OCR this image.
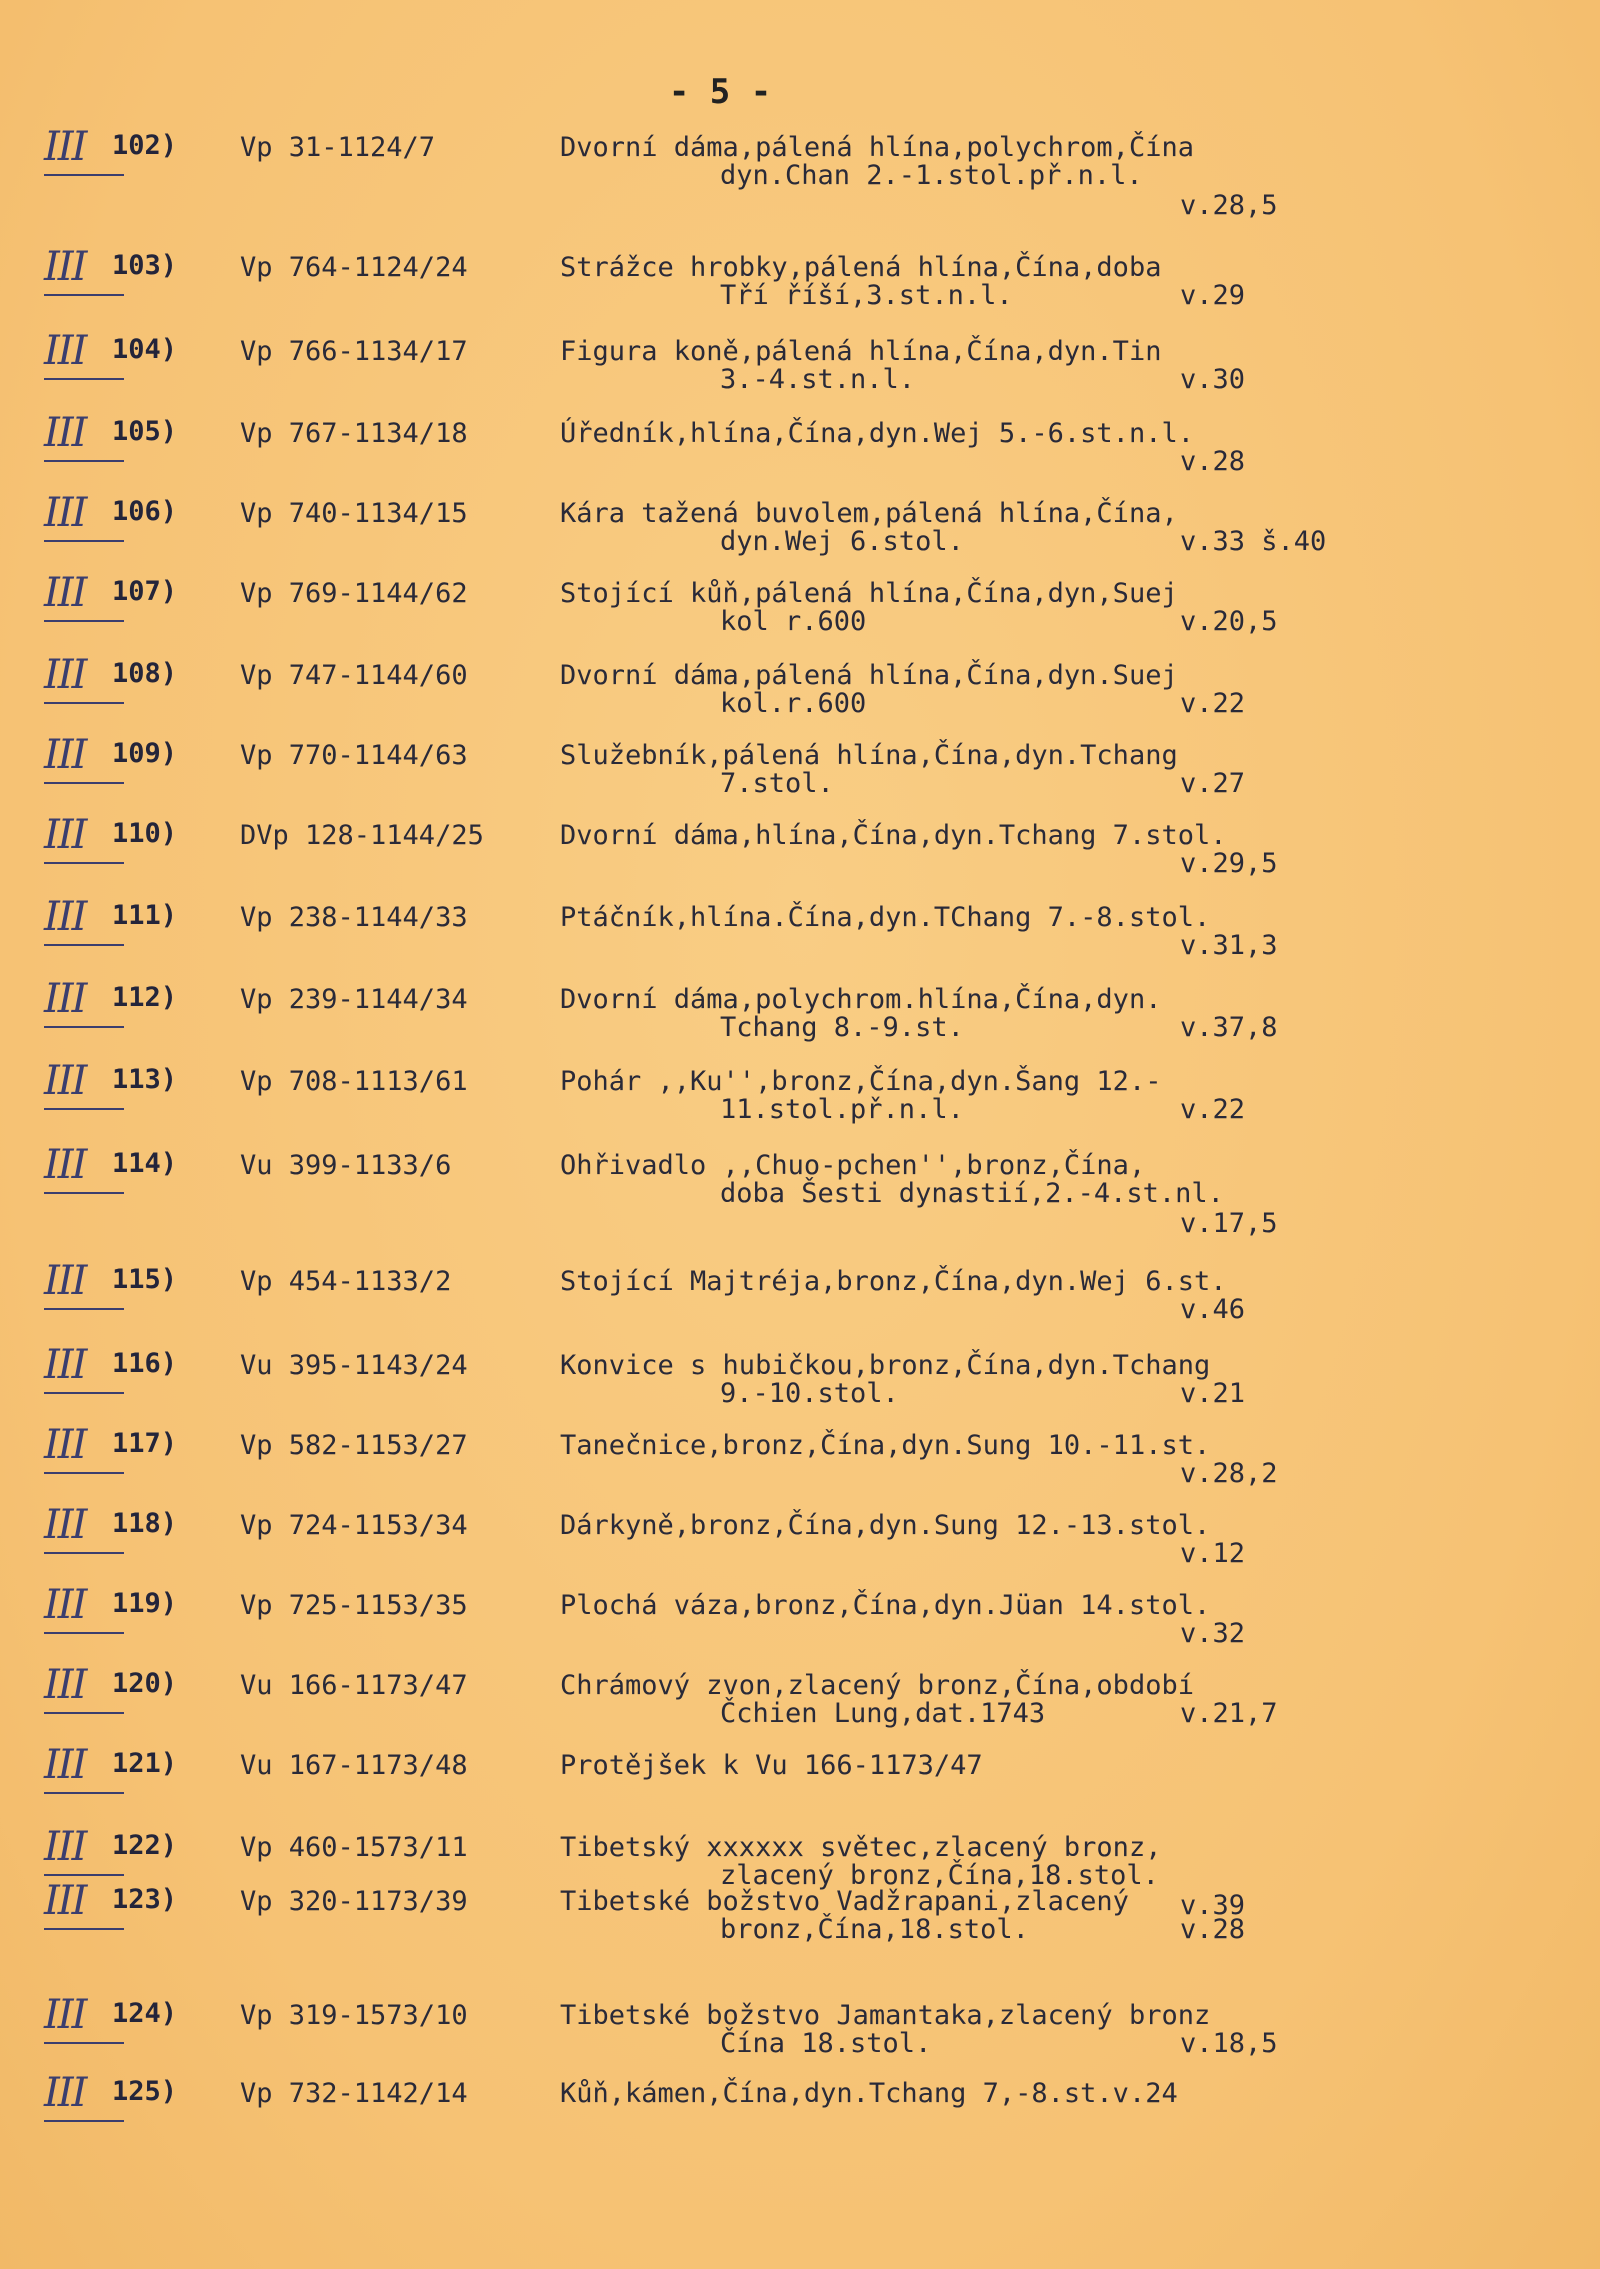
- 5 -
III 102) Vp 31-1124/7	Dvorní dáma,pálená hlína,polychrom,Čína
dyn.Chan 2.-1.stol.př.n.l.
v.28,5
III 103) Vp 764-1124/24	Strážce hrobky,pálená hlína,Čína,doba
Tří říší,3.st.n.l.	v.29
III 104) Vp 766-1134/17	Figura koně,pálená hlína,Čína,dyn.Tin
3.-4.st.n.l.	v.30
III 105) Vp 767-1134/18	Úředník,hlína,Čína,dyn.Wej 5.-6.st.n.l.
v.28
III 106) Vp 740-1134/15	Kára tažená buvolem,pálená hlína,Čína,
dyn.Wej 6.stol.	v.33 š.40
III 107) Vp 769-1144/62	Stojící kůň,pálená hlína,Čína,dyn,Suej
kol r.600	v.20,5
III 108) Vp 747-1144/60	Dvorní dáma,pálená hlína,Čína,dyn.Suej
kol.r.600	v.22
III 109) Vp 770-1144/63	Služebník,pálená hlína,Čína,dyn.Tchang
7.stol.	v.27
III 110) DVp 128-1144/25	Dvorní dáma,hlína,Čína,dyn.Tchang 7.stol.
v.29,5
III 111) Vp 238-1144/33	Ptáčník,hlína.Čína,dyn.TChang 7.-8.stol.
v.31,3
III 112) Vp 239-1144/34	Dvorní dáma,polychrom.hlína,Čína,dyn.
Tchang 8.-9.st.	v.37,8
III 113) Vp 708-1113/61	Pohár ,,Ku'',bronz,Čína,dyn.Šang 12.-
11.stol.př.n.l.	v.22
III 114) Vu 399-1133/6	Ohřivadlo ,,Chuo-pchen'',bronz,Čína,
doba Šesti dynastií,2.-4.st.nl.
v.17,5
III 115) Vp 454-1133/2	Stojící Majtréja,bronz,Čína,dyn.Wej 6.st.
v.46
III 116) Vu 395-1143/24	Konvice s hubičkou,bronz,Čína,dyn.Tchang
9.-10.stol.	v.21
III 117) Vp 582-1153/27	Tanečnice,bronz,Čína,dyn.Sung 10.-11.st.
v.28,2
III 118) Vp 724-1153/34	Dárkyně,bronz,Čína,dyn.Sung 12.-13.stol.
v.12
III 119) Vp 725-1153/35	Plochá váza,bronz,Čína,dyn.Jüan 14.stol.
v.32
III 120) Vu 166-1173/47	Chrámový zvon,zlacený bronz,Čína,období
Čchien Lung,dat.1743	v.21,7
III 121) Vu 167-1173/48	Protějšek k Vu 166-1173/47
III 122) Vp 460-1573/11	Tibetský xxxxxx světec,zlacený bronz,
zlacený bronz,Čína,18.stol.
v.39
III 123) Vp 320-1173/39	Tibetské božstvo Vadžrapani,zlacený
bronz,Čína,18.stol.	v.28
III 124) Vp 319-1573/10	Tibetské božstvo Jamantaka,zlacený bronz
Čína 18.stol.	v.18,5
III 125) Vp 732-1142/14	Kůň,kámen,Čína,dyn.Tchang 7,-8.st.v.24
